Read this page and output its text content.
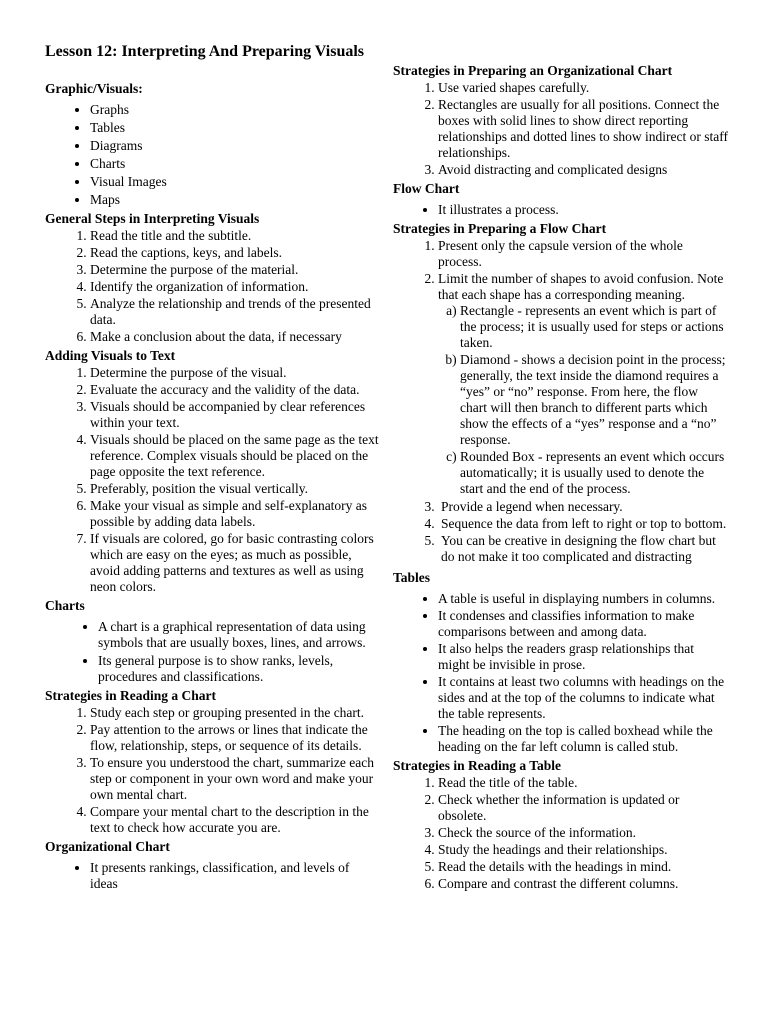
Lesson 12: Interpreting And Preparing Visuals
Graphic/Visuals:
• Graphs
• Tables
• Diagrams
• Charts
• Visual Images
• Maps
General Steps in Interpreting Visuals
1. Read the title and the subtitle.
2. Read the captions, keys, and labels.
3. Determine the purpose of the material.
4. Identify the organization of information.
5. Analyze the relationship and trends of the presented data.
6. Make a conclusion about the data, if necessary
Adding Visuals to Text
1. Determine the purpose of the visual.
2. Evaluate the accuracy and the validity of the data.
3. Visuals should be accompanied by clear references within your text.
4. Visuals should be placed on the same page as the text reference. Complex visuals should be placed on the page opposite the text reference.
5. Preferably, position the visual vertically.
6. Make your visual as simple and self-explanatory as possible by adding data labels.
7. If visuals are colored, go for basic contrasting colors which are easy on the eyes; as much as possible, avoid adding patterns and textures as well as using neon colors.
Charts
• A chart is a graphical representation of data using symbols that are usually boxes, lines, and arrows.
• Its general purpose is to show ranks, levels, procedures and classifications.
Strategies in Reading a Chart
1. Study each step or grouping presented in the chart.
2. Pay attention to the arrows or lines that indicate the flow, relationship, steps, or sequence of its details.
3. To ensure you understood the chart, summarize each step or component in your own word and make your own mental chart.
4. Compare your mental chart to the description in the text to check how accurate you are.
Organizational Chart
• It presents rankings, classification, and levels of ideas
Strategies in Preparing an Organizational Chart
1. Use varied shapes carefully.
2. Rectangles are usually for all positions. Connect the boxes with solid lines to show direct reporting relationships and dotted lines to show indirect or staff relationships.
3. Avoid distracting and complicated designs
Flow Chart
• It illustrates a process.
Strategies in Preparing a Flow Chart
1. Present only the capsule version of the whole process.
2. Limit the number of shapes to avoid confusion. Note that each shape has a corresponding meaning.
a. Rectangle - represents an event which is part of the process; it is usually used for steps or actions taken.
b. Diamond - shows a decision point in the process; generally, the text inside the diamond requires a “yes” or “no” response. From here, the flow chart will then branch to different parts which show the effects of a “yes” response and a “no” response.
c. Rounded Box - represents an event which occurs automatically; it is usually used to denote the start and the end of the process.
3. Provide a legend when necessary.
4. Sequence the data from left to right or top to bottom.
5. You can be creative in designing the flow chart but do not make it too complicated and distracting
Tables
• A table is useful in displaying numbers in columns.
• It condenses and classifies information to make comparisons between and among data.
• It also helps the readers grasp relationships that might be invisible in prose.
• It contains at least two columns with headings on the sides and at the top of the columns to indicate what the table represents.
• The heading on the top is called boxhead while the heading on the far left column is called stub.
Strategies in Reading a Table
1. Read the title of the table.
2. Check whether the information is updated or obsolete.
3. Check the source of the information.
4. Study the headings and their relationships.
5. Read the details with the headings in mind.
6. Compare and contrast the different columns.
